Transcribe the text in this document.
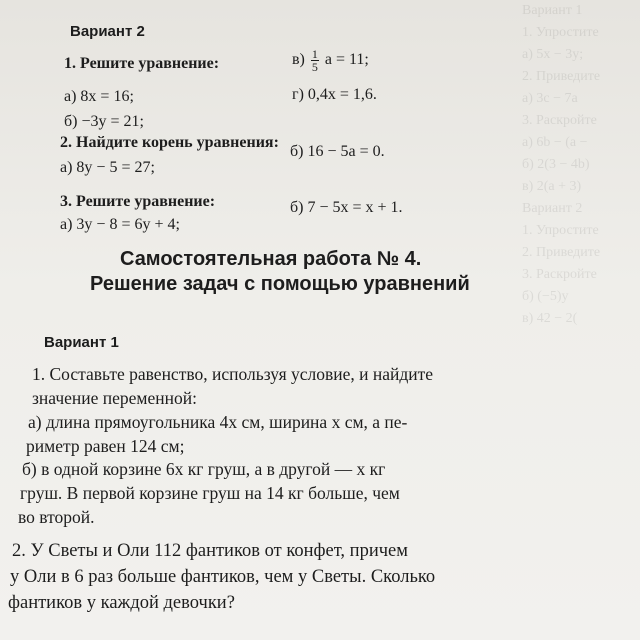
Вариант 1
1. Упростите
а) 5x − 3y;
2. Приведите
а) 3c − 7a
3. Раскройте
а) 6b − (a −
б) 2(3 − 4b)
в) 2(a + 3)
Вариант 2
1. Упростите
2. Приведите
3. Раскройте
б) (−5)y
в) 42 − 2(
Вариант 2
1. Решите уравнение:
а) 8x = 16;
б) −3y = 21;
$в) \frac{1}{5}$ a = 11;
г) 0,4x = 1,6.
2. Найдите корень уравнения:
а) 8y − 5 = 27;
б) 16 − 5a = 0.
3. Решите уравнение:
а) 3y − 8 = 6y + 4;
б) 7 − 5x = x + 1.
Самостоятельная работа № 4.
Решение задач с помощью уравнений
Вариант 1
1. Составьте равенство, используя условие, и найдите
значение переменной:
а) длина прямоугольника 4x см, ширина x см, а пе-
риметр равен 124 см;
б) в одной корзине 6x кг груш, а в другой — x кг
груш. В первой корзине груш на 14 кг больше, чем
во второй.
2. У Светы и Оли 112 фантиков от конфет, причем
у Оли в 6 раз больше фантиков, чем у Светы. Сколько
фантиков у каждой девочки?
